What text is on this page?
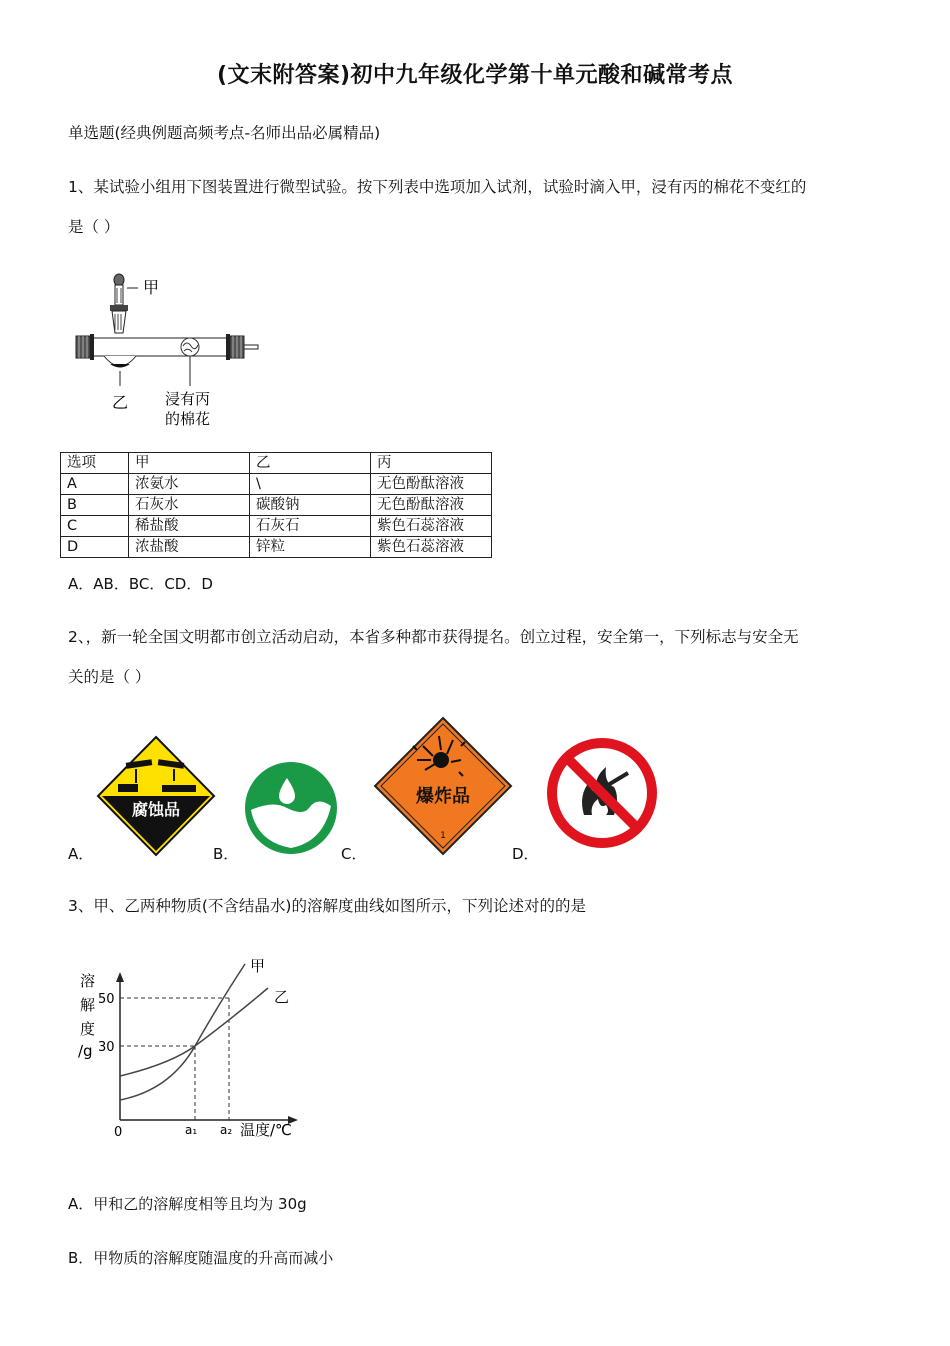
(文末附答案)初中九年级化学第十单元酸和碱常考点
单选题(经典例题高频考点-名师出品必属精品)
1、某试验小组用下图装置进行微型试验。按下列表中选项加入试剂，试验时滴入甲，浸有丙的棉花不变红的
是（ ）
甲
乙 浸有丙
的棉花
选项	甲	乙	丙
A	浓氨水	\	无色酚酞溶液
B	石灰水	碳酸钠	无色酚酞溶液
C	稀盐酸	石灰石	紫色石蕊溶液
D	浓盐酸	锌粒	紫色石蕊溶液
A．AB．BC．CD．D
2、，新一轮全国文明都市创立活动启动，本省多种都市获得提名。创立过程，安全第一，下列标志与安全无
关的是（ ）
A．
腐蚀品
B．	C．
爆炸品
1
D．
3、甲、乙两种物质(不含结晶水)的溶解度曲线如图所示，下列论述对的的是
溶
解
度
/g
50
30
0	a₁ a₂ 温度/℃
甲
乙
A．甲和乙的溶解度相等且均为 30g
B．甲物质的溶解度随温度的升高而减小
